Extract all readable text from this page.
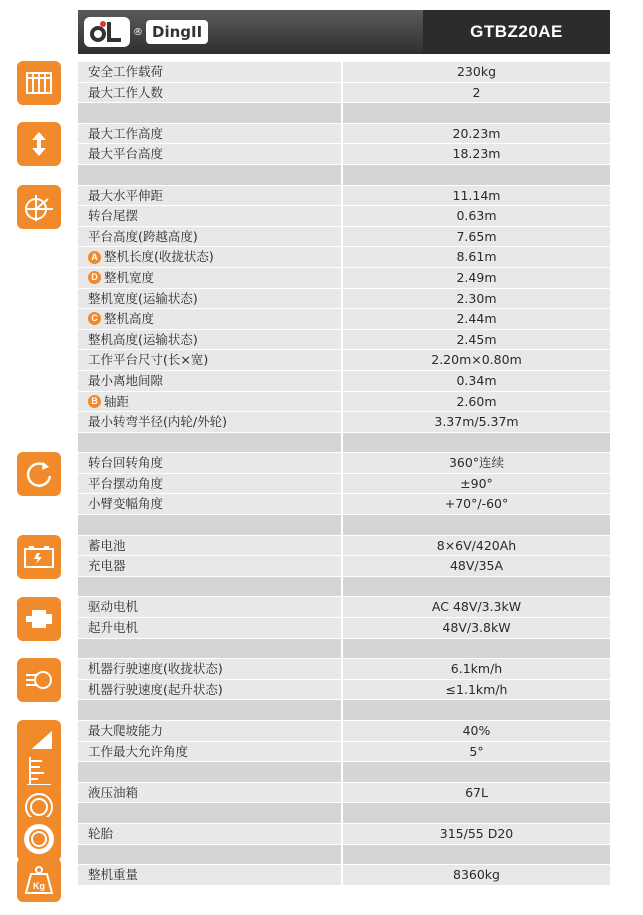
® DingII	GTBZ20AE
安全工作载荷	230kg
最大工作人数	2
最大工作高度	20.23m
最大平台高度	18.23m
最大水平伸距	11.14m
转台尾摆	0.63m
平台高度(跨越高度)	7.65m
A 整机长度(收拢状态)	8.61m
D 整机宽度	2.49m
整机宽度(运输状态)	2.30m
C 整机高度	2.44m
整机高度(运输状态)	2.45m
工作平台尺寸(长×宽)	2.20m×0.80m
最小离地间隙	0.34m
B 轴距	2.60m
最小转弯半径(内轮/外轮)	3.37m/5.37m
转台回转角度	360°连续
平台摆动角度	±90°
小臂变幅角度	+70°/-60°
蓄电池	8×6V/420Ah
充电器	48V/35A
驱动电机	AC 48V/3.3kW
起升电机	48V/3.8kW
机器行驶速度(收拢状态)	6.1km/h
机器行驶速度(起升状态)	≤1.1km/h
最大爬坡能力	40%
工作最大允许角度	5°
液压油箱	67L
轮胎	315/55 D20
整机重量	8360kg
Kg
